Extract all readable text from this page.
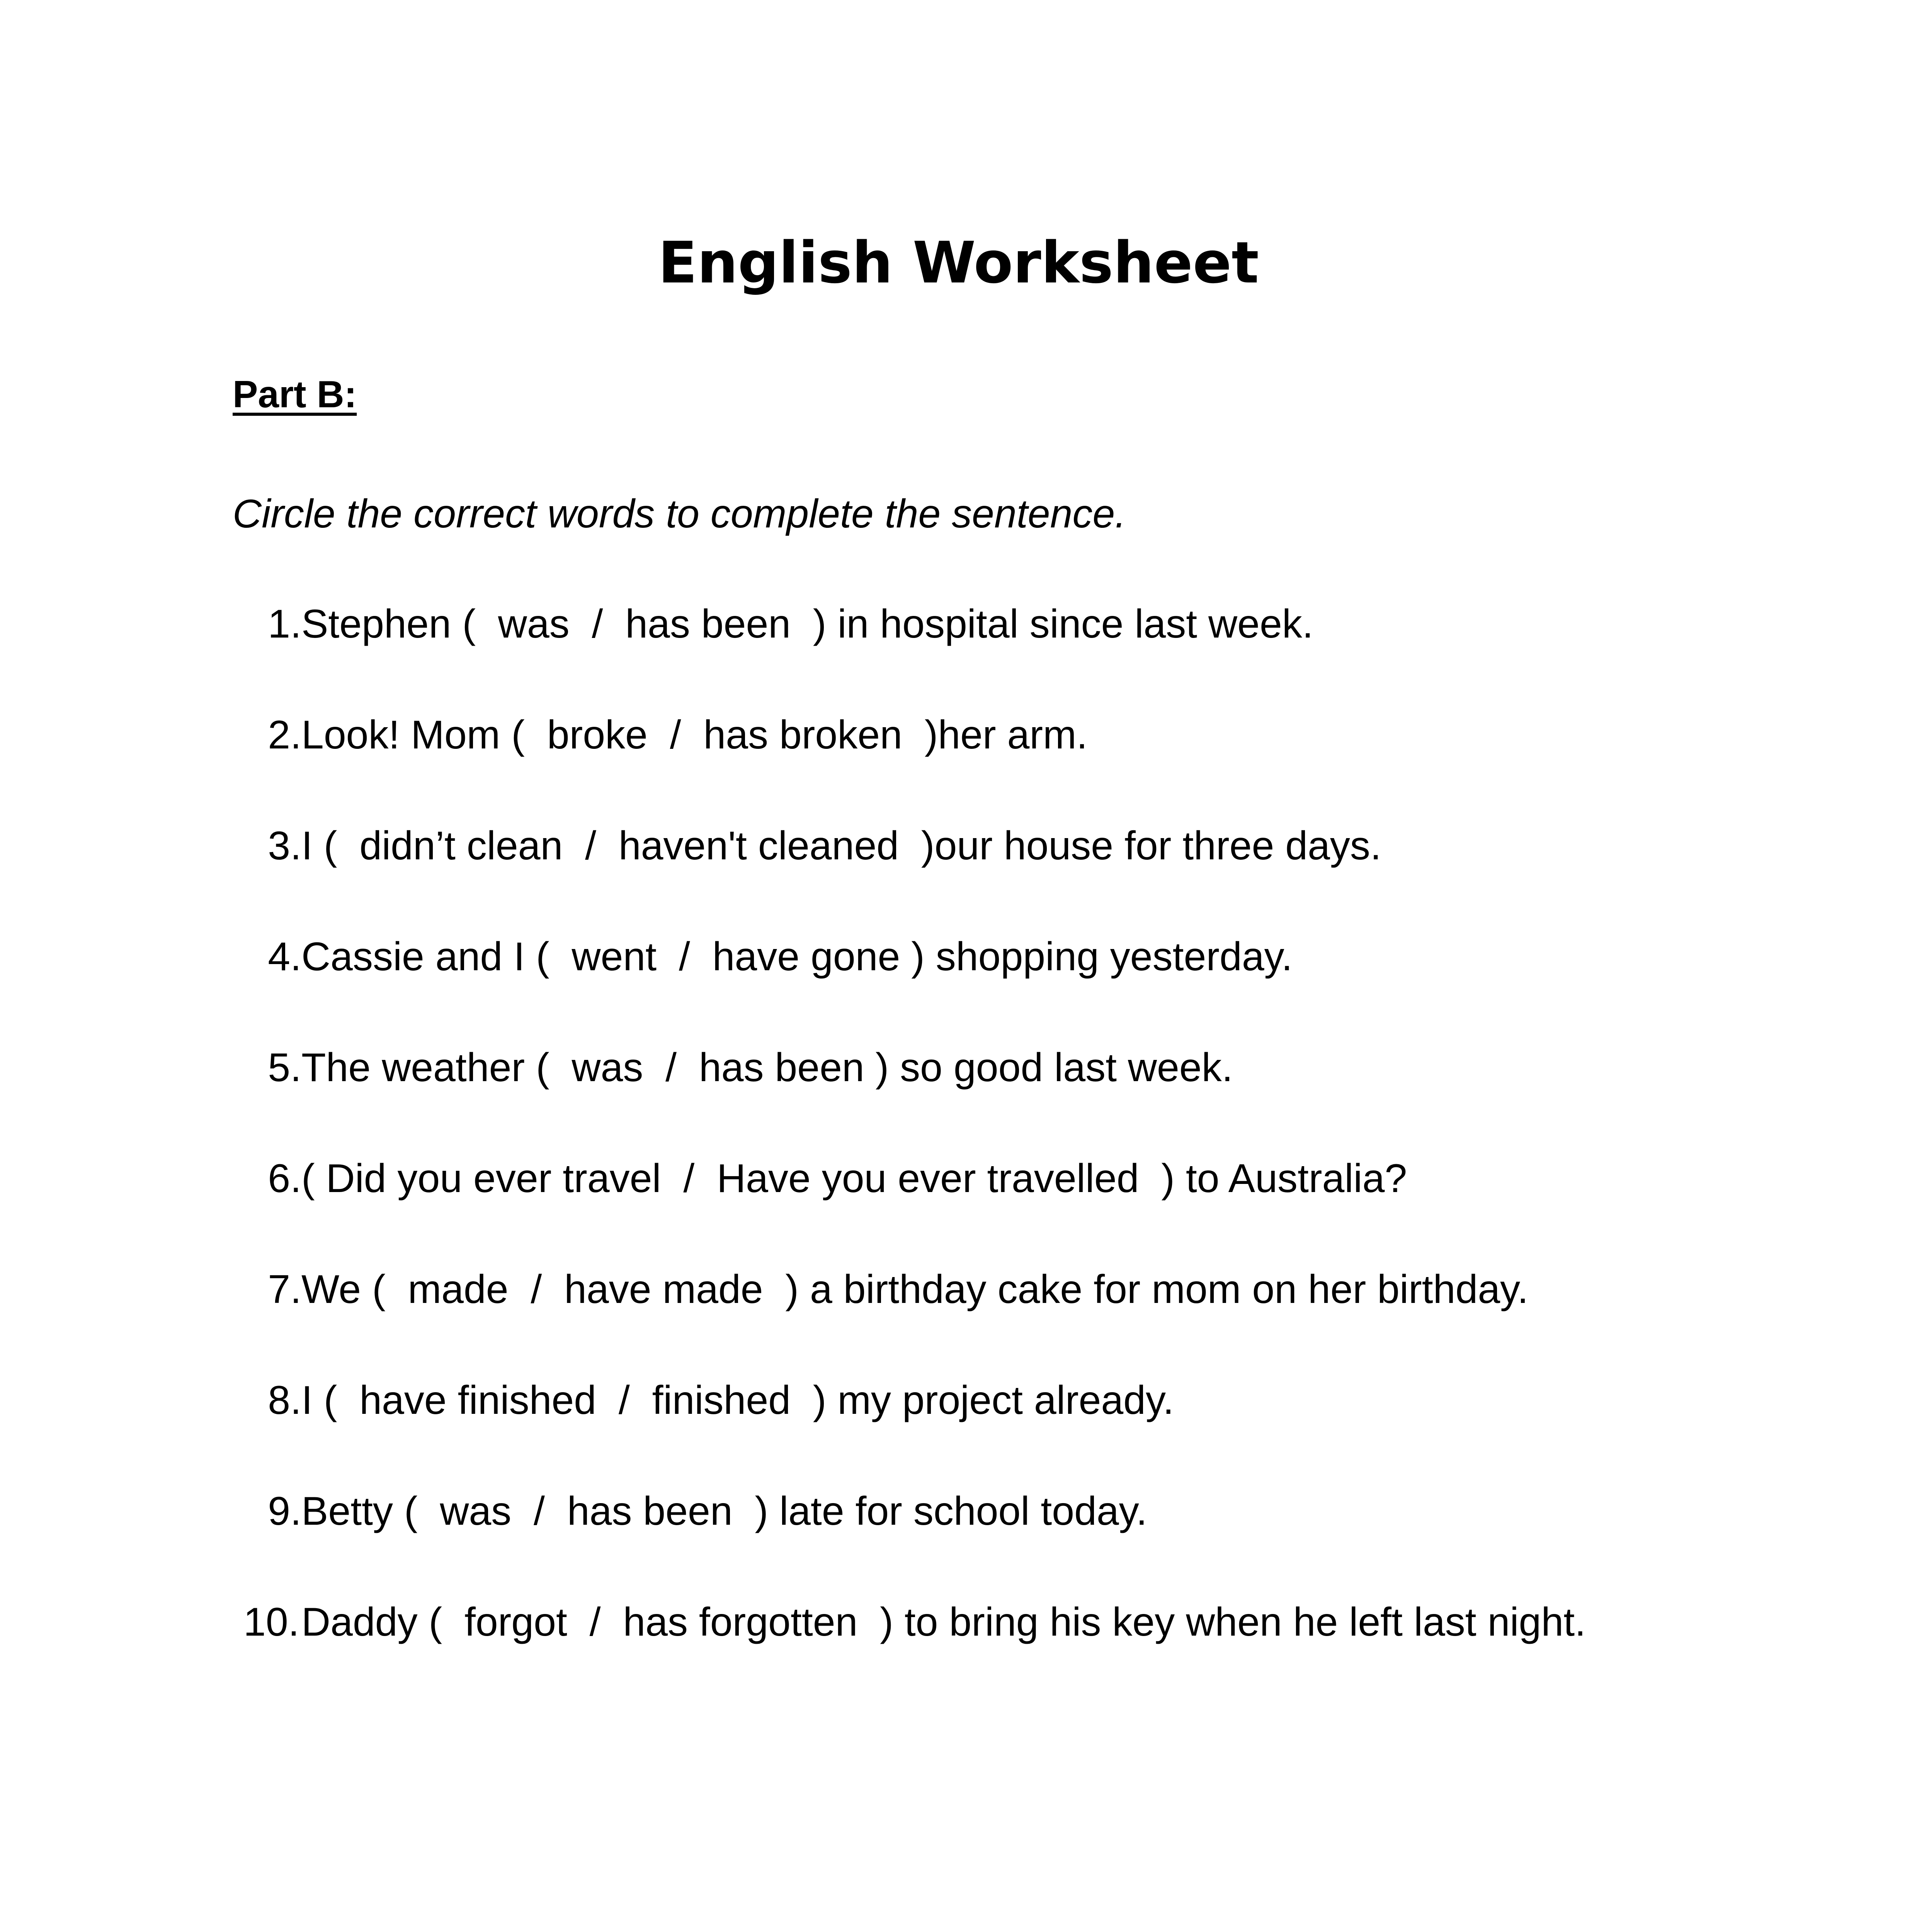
English Worksheet
Part B:
Circle the correct words to complete the sentence.
1. Stephen (  was  /  has been  ) in hospital since last week.
2. Look! Mom (  broke  /  has broken  )her arm.
3. I (  didn’t clean  /  haven't cleaned  )our house for three days.
4. Cassie and I (  went  /  have gone ) shopping yesterday.
5. The weather (  was  /  has been ) so good last week.
6. ( Did you ever travel  /  Have you ever travelled  ) to Australia?
7. We (  made  /  have made  ) a birthday cake for mom on her birthday.
8. I (  have finished  /  finished  ) my project already.
9. Betty (  was  /  has been  ) late for school today.
10. Daddy (  forgot  /  has forgotten  ) to bring his key when he left last night.
